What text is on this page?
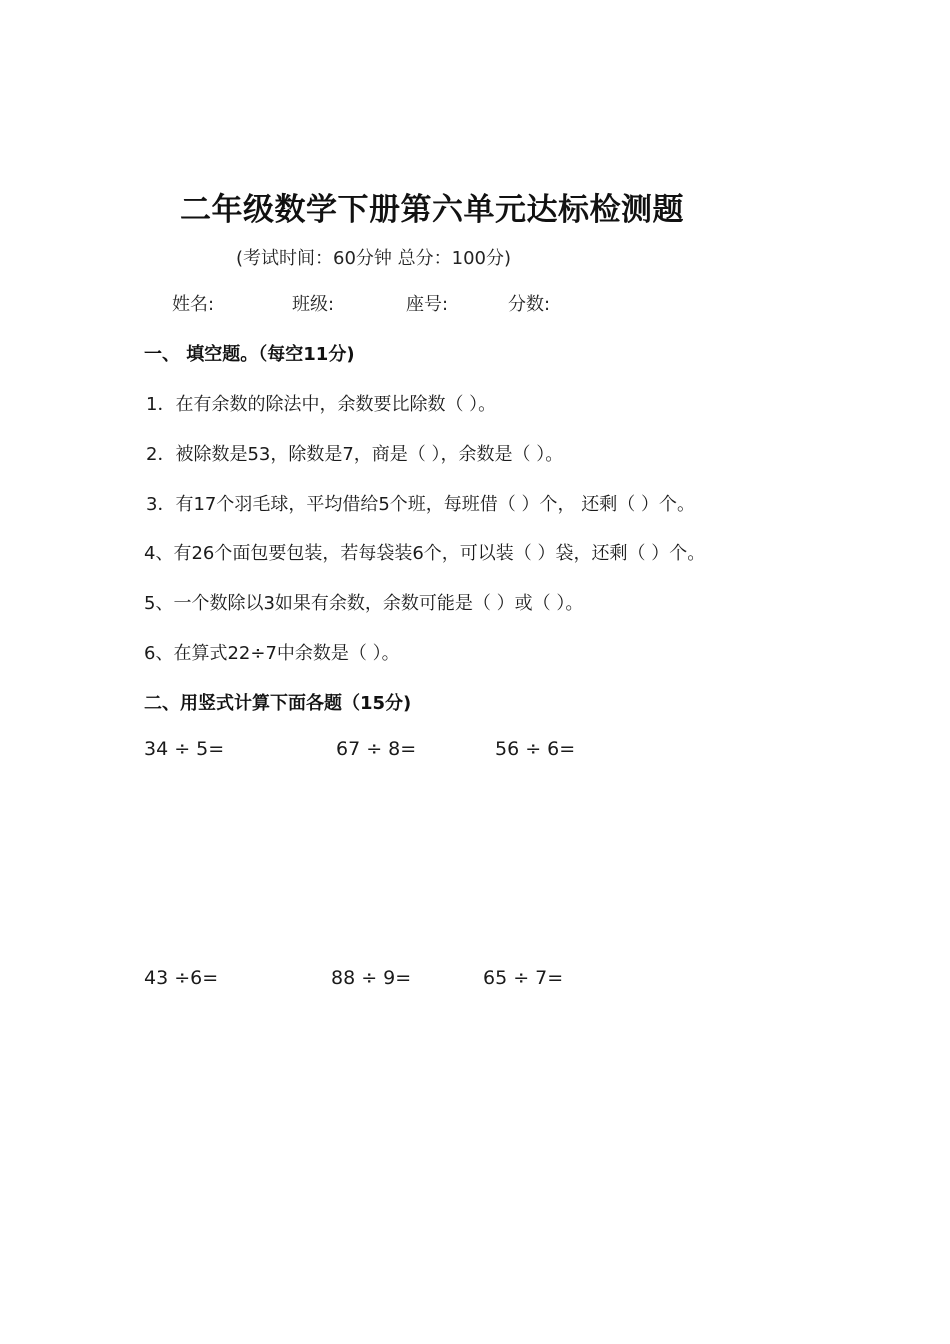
二年级数学下册第六单元达标检测题
(考试时间：60分钟 总分：100分)
姓名:	班级:	座号:	分数:
一、 填空题。（每空11分)
1．在有余数的除法中，余数要比除数（ ）。
2．被除数是53，除数是7，商是（ ），余数是（ ）。
3．有17个羽毛球，平均借给5个班，每班借（ ）个， 还剩（ ）个。
4、有26个面包要包装，若每袋装6个，可以装（ ）袋，还剩（ ）个。
5、一个数除以3如果有余数，余数可能是（ ）或（ ）。
6、在算式22÷7中余数是（ ）。
二、用竖式计算下面各题（15分)
34 ÷ 5=	67 ÷ 8=	56 ÷ 6=
43 ÷6=	88 ÷ 9=	65 ÷ 7=
